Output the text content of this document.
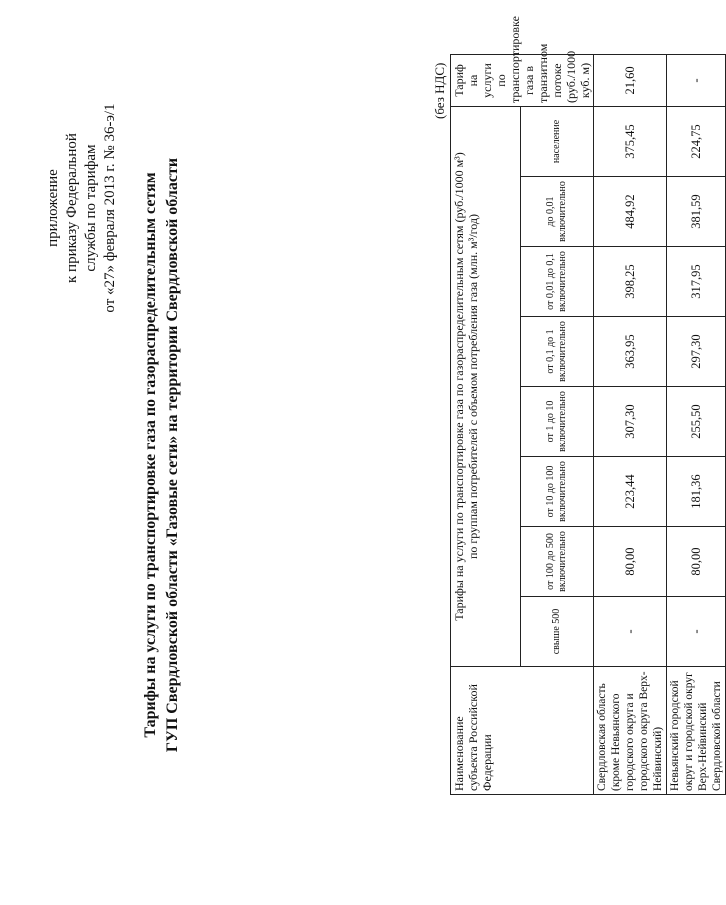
приложение к приказу Федеральной службы по тарифам от «27» февраля 2013 г. № 36-э/1 Тарифы на услуги по транспортировке газа по газораспределительным сетям ГУП Свердловской области «Газовые сети» на территории Свердловской области
(без НДС)
Наименование субъекта Российской Федерации	Тарифы на услуги по транспортировке газа по газораспределительным сетям (руб./1000 м³) по группам потребителей с объемом потребления газа (млн. м³/год)								Тариф на услуги по транспортировке газа в транзитном потоке (руб./1000 куб. м)
	свыше 500	от 100 до 500 включительно	от 10 до 100 включительно	от 1 до 10 включительно	от 0,1 до 1 включительно	от 0,01 до 0,1 включительно	до 0,01 включительно	население	
Свердловская область (кроме Невьянского городского округа и городского округа Верх-Нейвинский)	-	80,00	223,44	307,30	363,95	398,25	484,92	375,45	21,60
Невьянский городской округ и городской округ Верх-Нейвинский Свердловской области	-	80,00	181,36	255,50	297,30	317,95	381,59	224,75	-
